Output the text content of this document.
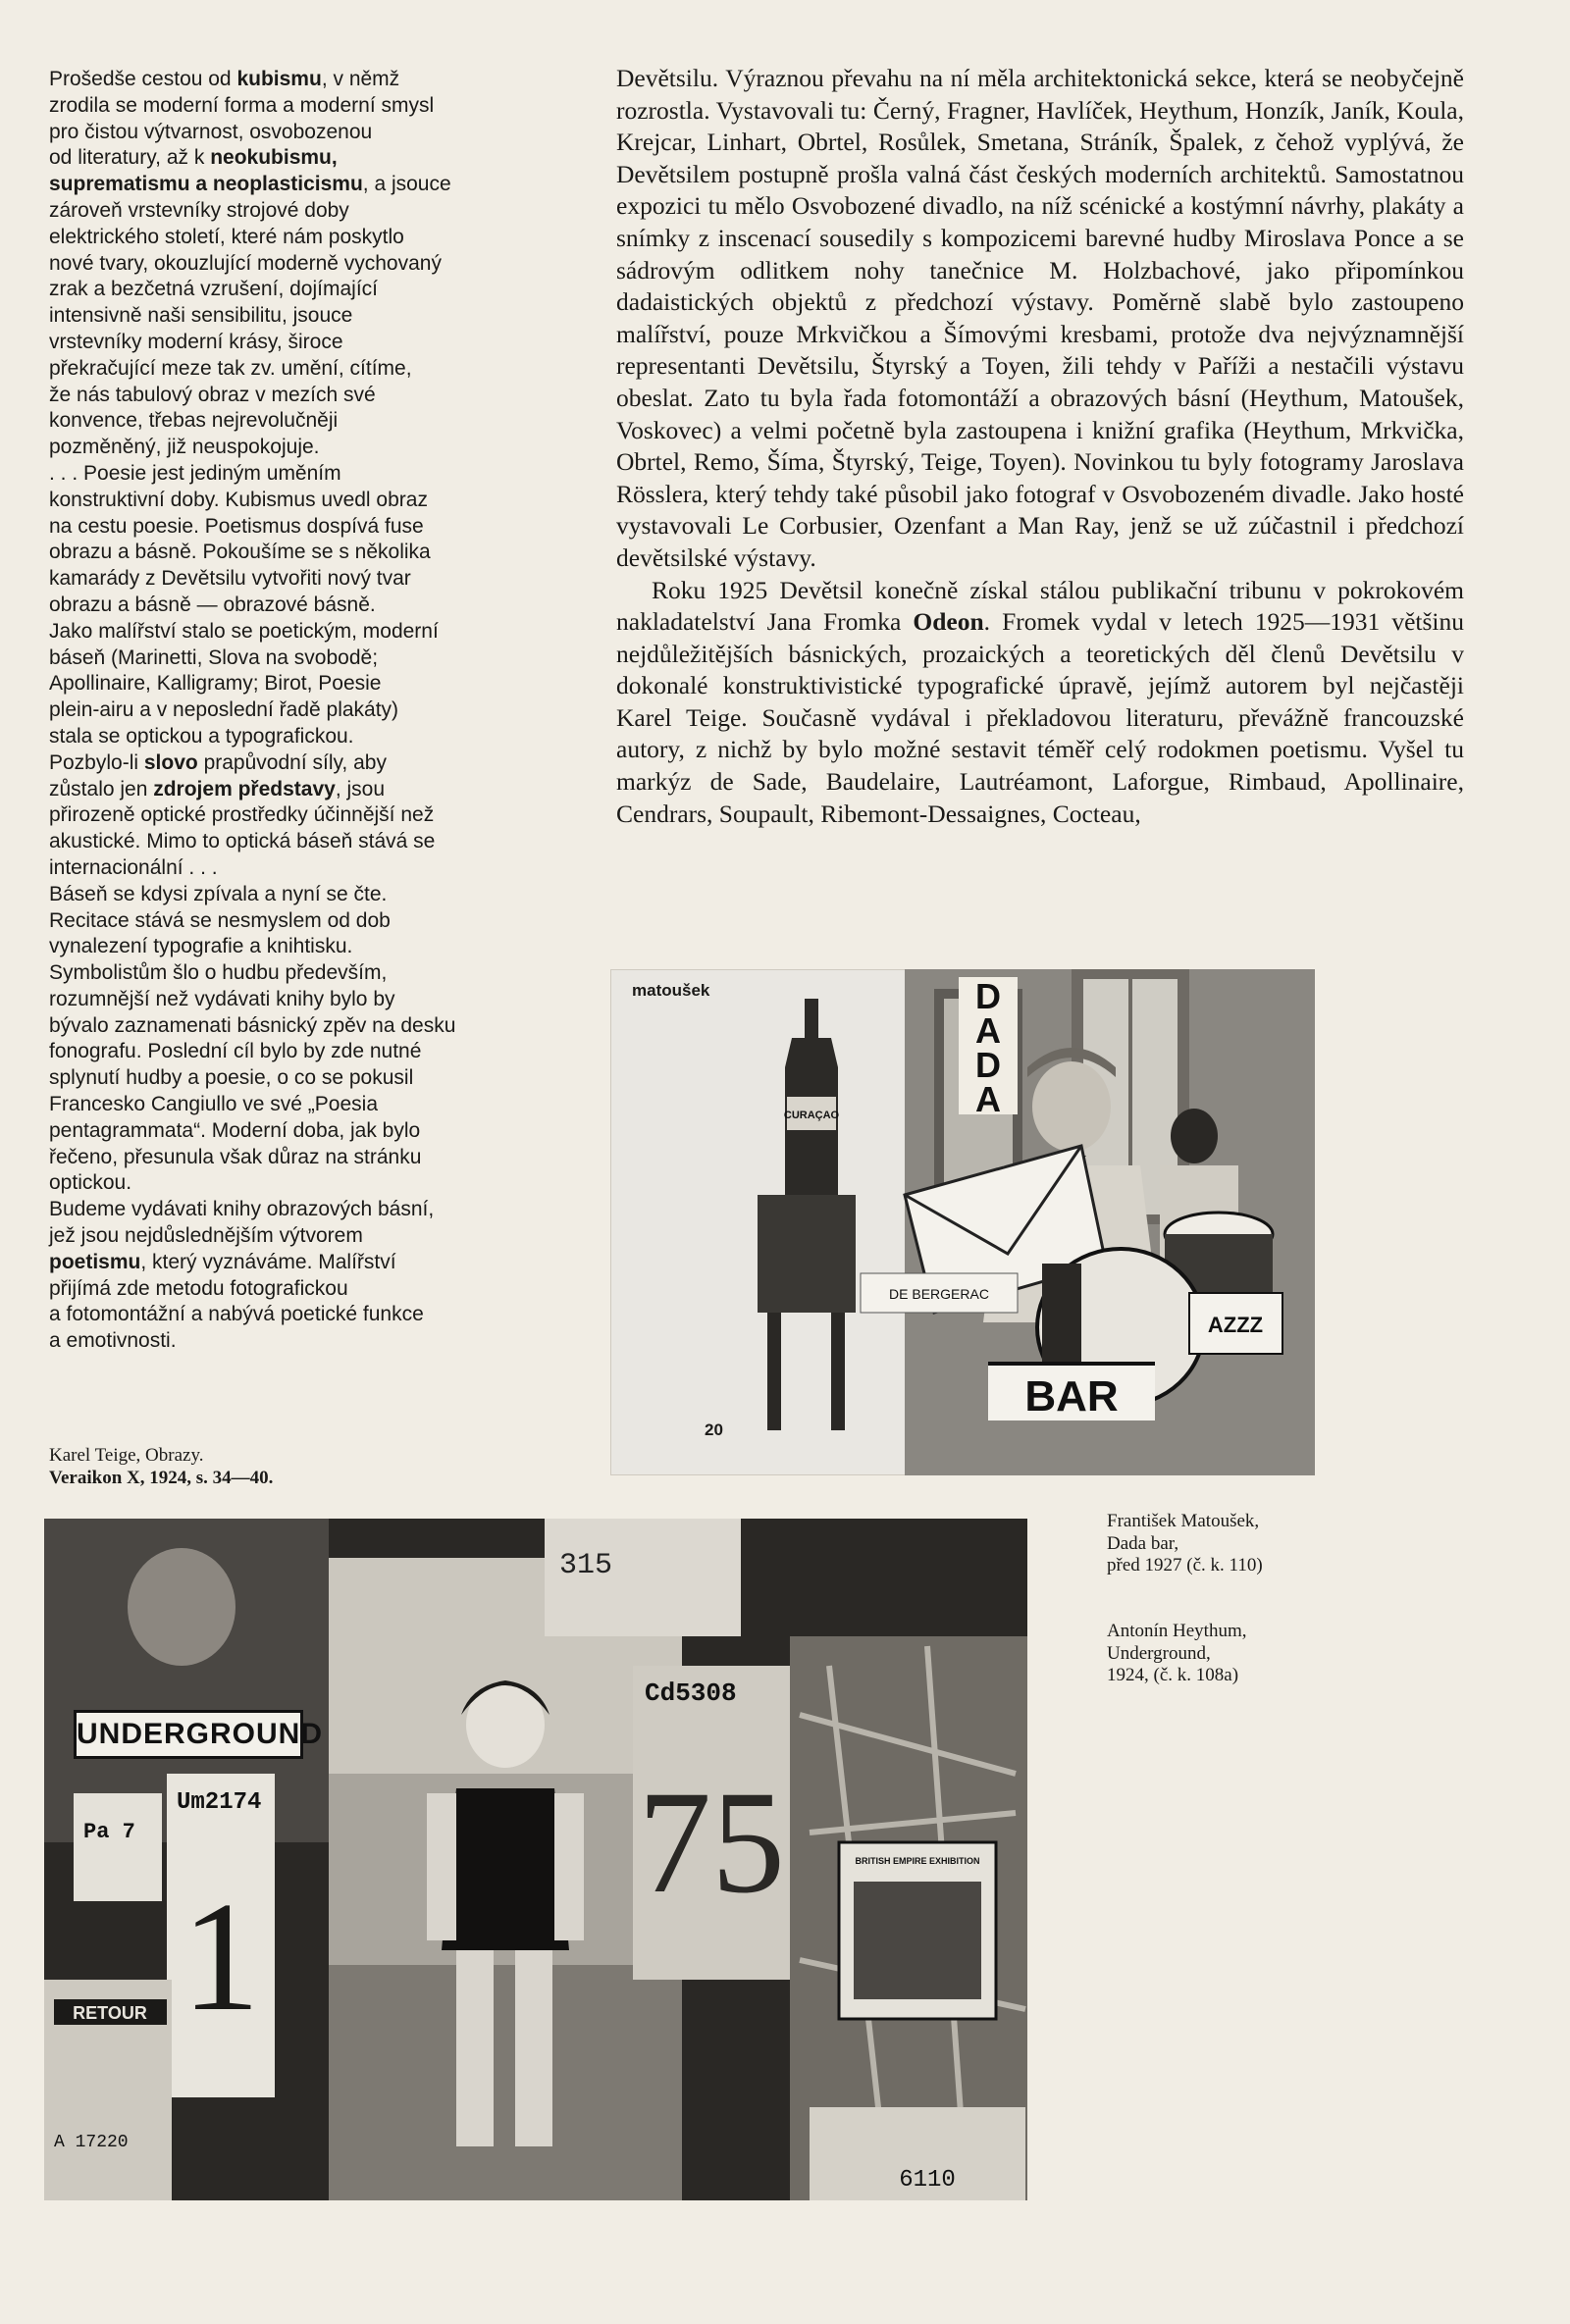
Prošedše cestou od kubismu, v němž

zrodila se moderní forma a moderní smysl

pro čistou výtvarnost, osvobozenou

od literatury, až k neokubismu,

suprematismu a neoplasticismu, a jsouce

zároveň vrstevníky strojové doby

elektrického století, které nám poskytlo

nové tvary, okouzlující moderně vychovaný

zrak a bezčetná vzrušení, dojímající

intensivně naši sensibilitu, jsouce

vrstevníky moderní krásy, široce

překračující meze tak zv. umění, cítíme,

že nás tabulový obraz v mezích své

konvence, třebas nejrevolučněji

pozměněný, již neuspokojuje.

. . . Poesie jest jediným uměním

konstruktivní doby. Kubismus uvedl obraz

na cestu poesie. Poetismus dospívá fuse

obrazu a básně. Pokoušíme se s několika

kamarády z Devětsilu vytvořiti nový tvar

obrazu a básně — obrazové básně.

Jako malířství stalo se poetickým, moderní

báseň (Marinetti, Slova na svobodě;

Apollinaire, Kalligramy; Birot, Poesie

plein-airu a v neposlední řadě plakáty)

stala se optickou a typografickou.

Pozbylo-li slovo prapůvodní síly, aby

zůstalo jen zdrojem představy, jsou

přirozeně optické prostředky účinnější než

akustické. Mimo to optická báseň stává se

internacionální . . .

Báseň se kdysi zpívala a nyní se čte.

Recitace stává se nesmyslem od dob

vynalezení typografie a knihtisku.

Symbolistům šlo o hudbu především,

rozumnější než vydávati knihy bylo by

bývalo zaznamenati básnický zpěv na desku

fonografu. Poslední cíl bylo by zde nutné

splynutí hudby a poesie, o co se pokusil

Francesko Cangiullo ve své „Poesia

pentagrammata“. Moderní doba, jak bylo

řečeno, přesunula však důraz na stránku

optickou.

Budeme vydávati knihy obrazových básní,

jež jsou nejdůslednějším výtvorem

poetismu, který vyznáváme. Malířství

přijímá zde metodu fotografickou

a fotomontážní a nabývá poetické funkce

a emotivnosti.

Karel Teige, Obrazy.
Veraikon X, 1924, s. 34—40.

Devětsilu. Výraznou převahu na ní měla architektonická sekce, která se neobyčejně rozrostla. Vystavovali tu: Černý, Fragner, Havlíček, Heythum, Honzík, Janík, Koula, Krejcar, Linhart, Obrtel, Rosůlek, Smetana, Stráník, Špalek, z čehož vyplývá, že Devětsilem postupně prošla valná část českých moderních architektů. Samostatnou expozici tu mělo Osvobozené divadlo, na níž scénické a kostýmní návrhy, plakáty a snímky z inscenací sousedily s kompozicemi barevné hudby Miroslava Ponce a se sádrovým odlitkem nohy tanečnice M. Holzbachové, jako připomínkou dadaistických objektů z předchozí výstavy. Poměrně slabě bylo zastoupeno malířství, pouze Mrkvičkou a Šímovými kresbami, protože dva nejvýznamnější representanti Devětsilu, Štyrský a Toyen, žili tehdy v Paříži a nestačili výstavu obeslat. Zato tu byla řada fotomontáží a obrazových básní (Heythum, Matoušek, Voskovec) a velmi početně byla zastoupena i knižní grafika (Heythum, Mrkvička, Obrtel, Remo, Šíma, Štyrský, Teige, Toyen). Novinkou tu byly fotogramy Jaroslava Rösslera, který tehdy také působil jako fotograf v Osvobozeném divadle. Jako hosté vystavovali Le Corbusier, Ozenfant a Man Ray, jenž se už zúčastnil i předchozí devětsilské výstavy.

Roku 1925 Devětsil konečně získal stálou publikační tribunu v pokrokovém nakladatelství Jana Fromka Odeon. Fromek vydal v letech 1925—1931 většinu nejdůležitějších básnických, prozaických a teoretických děl členů Devětsilu v dokonalé konstruktivistické typografické úpravě, jejímž autorem byl nejčastěji Karel Teige. Současně vydával i překladovou literaturu, převážně francouzské autory, z nichž by bylo možné sestavit téměř celý rodokmen poetismu. Vyšel tu markýz de Sade, Baudelaire, Lautréamont, Laforgue, Rimbaud, Apollinaire, Cendrars, Soupault, Ribemont-Dessaignes, Cocteau,

D
A
D
A
CURAÇAO
DE BERGERAC
AZZZ
BAR
matoušek
20
315
Cd5308
75	BRITISH EMPIRE EXHIBITION
6110
Pa 7
Um2174
1
RETOUR
A 17220
UNDERGROUND

František Matoušek,

Dada bar,

před 1927 (č. k. 110)

Antonín Heythum,

Underground,

1924, (č. k. 108a)
